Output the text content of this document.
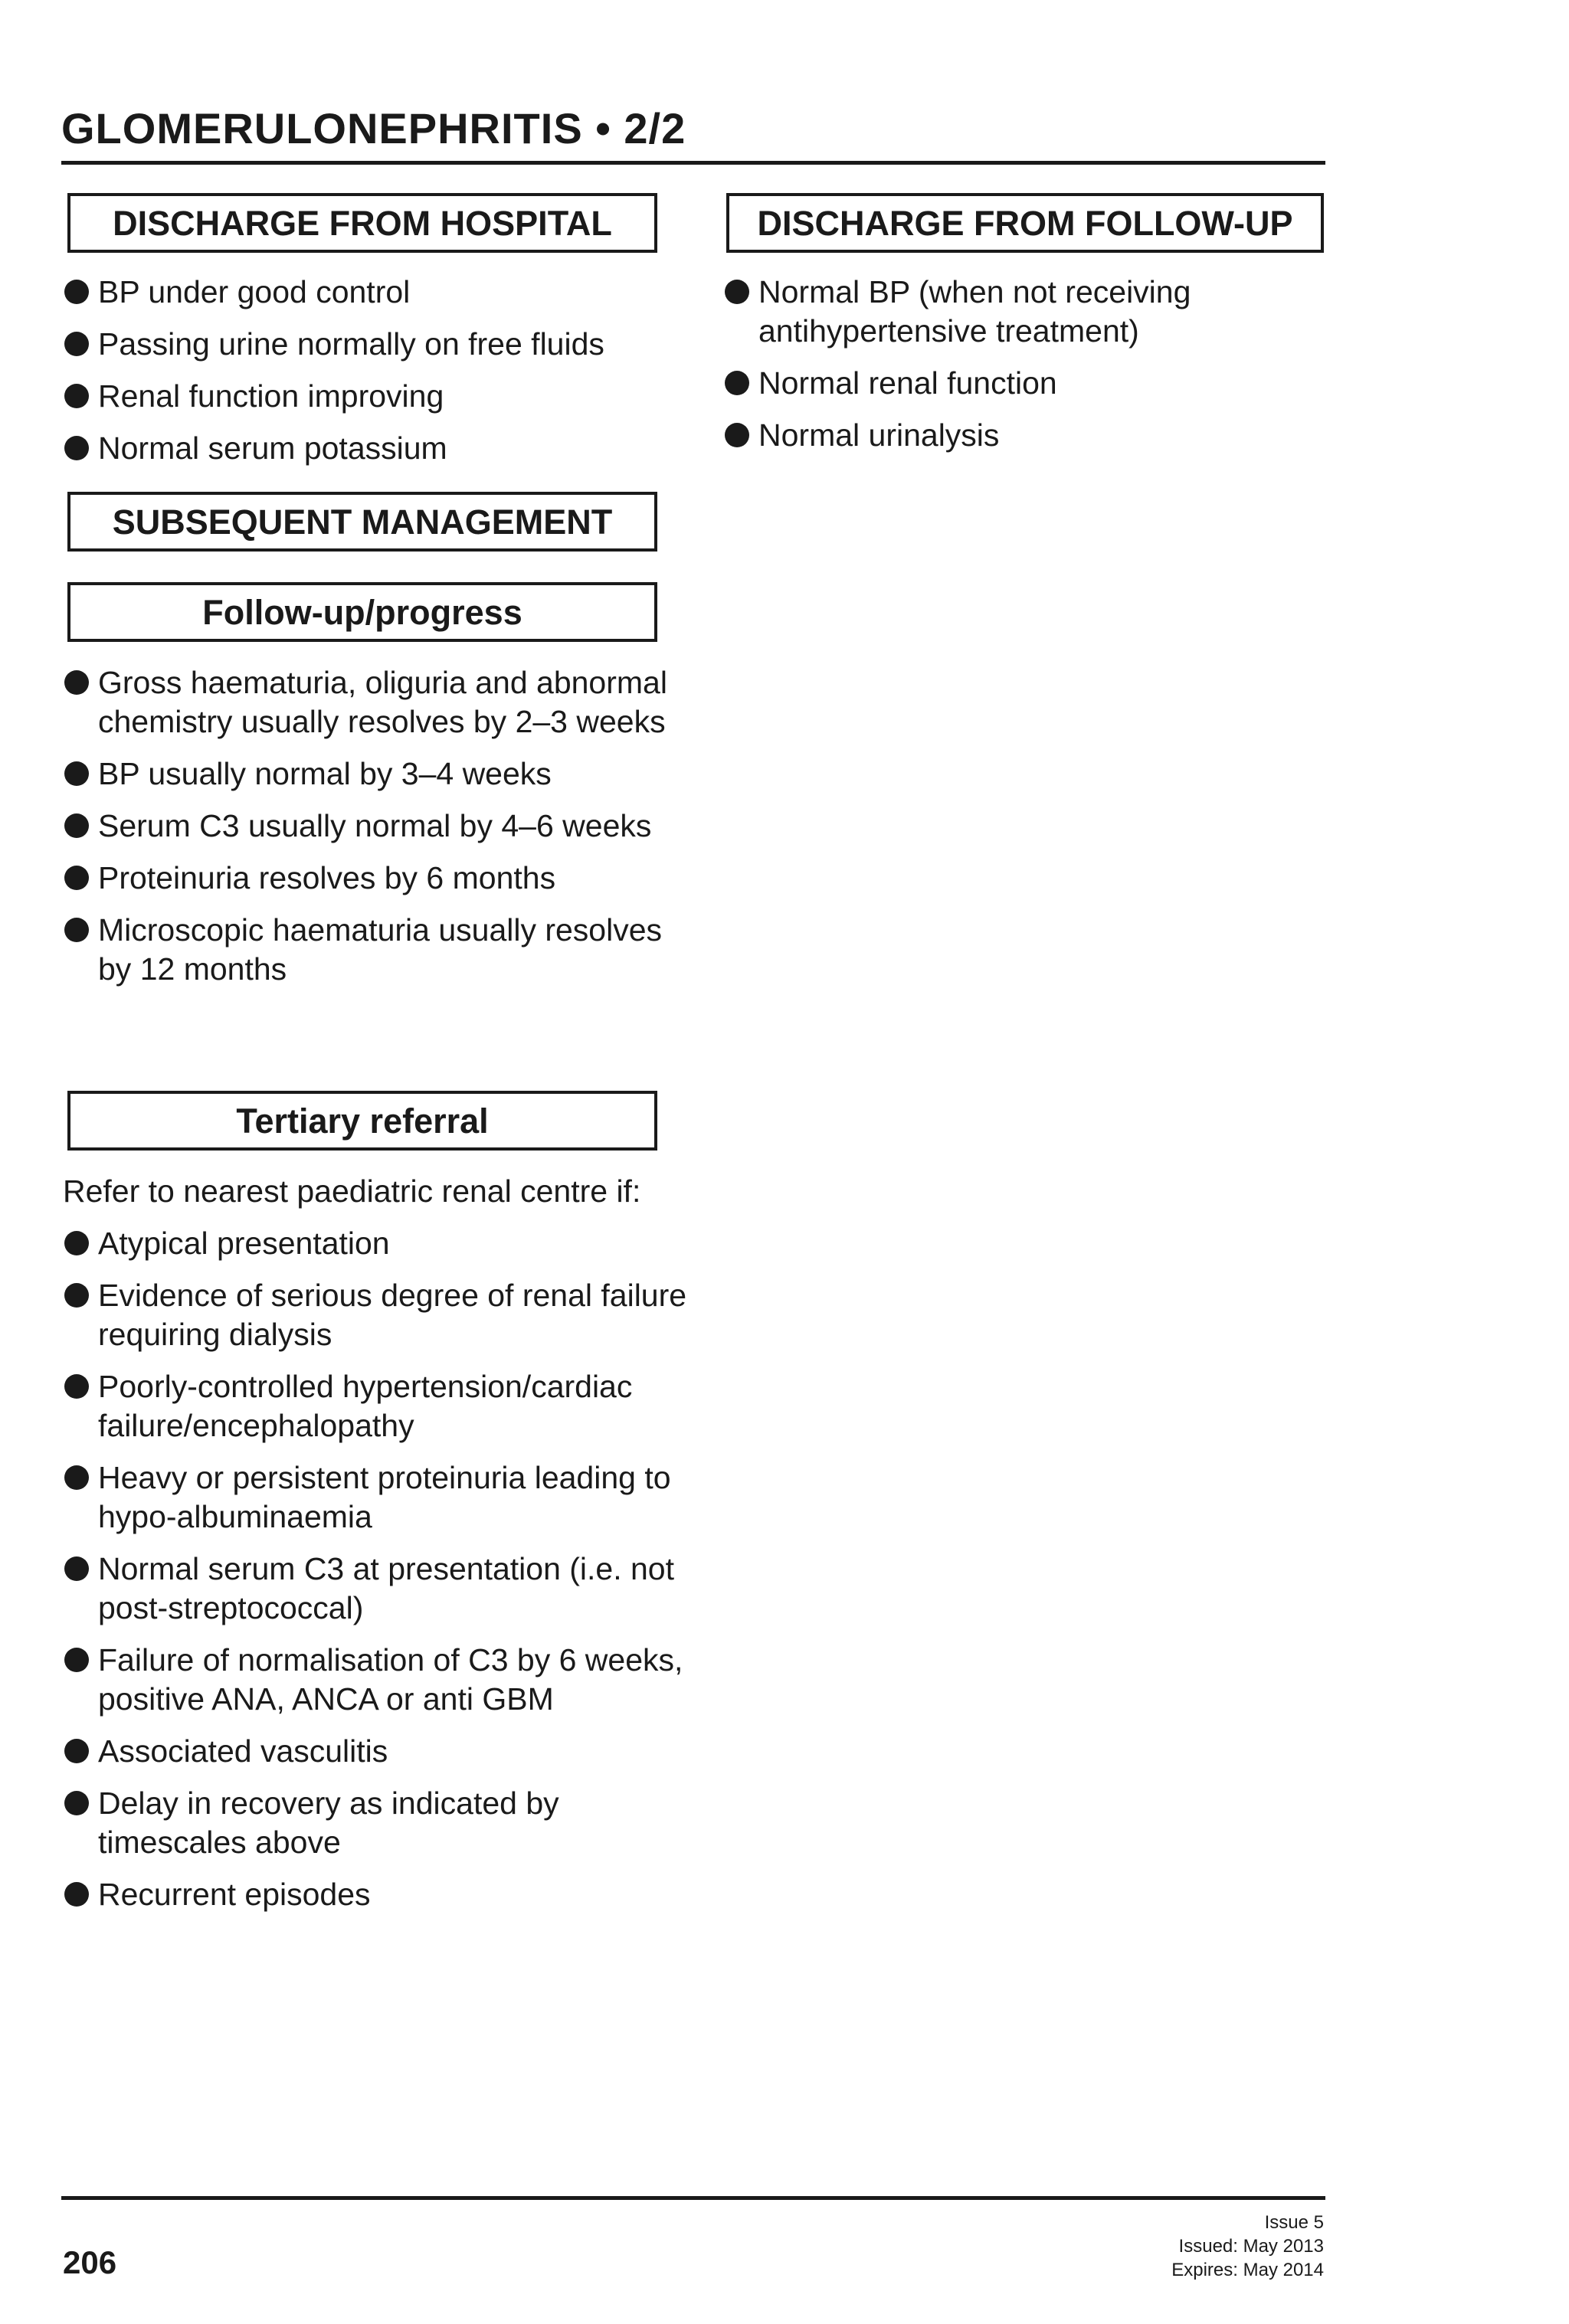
GLOMERULONEPHRITIS • 2/2
DISCHARGE FROM HOSPITAL
BP under good control
Passing urine normally on free fluids
Renal function improving
Normal serum potassium
DISCHARGE FROM FOLLOW-UP
Normal BP (when not receiving antihypertensive treatment)
Normal renal function
Normal urinalysis
SUBSEQUENT MANAGEMENT
Follow-up/progress
Gross haematuria, oliguria and abnormal chemistry usually resolves by 2–3 weeks
BP usually normal by 3–4 weeks
Serum C3 usually normal by 4–6 weeks
Proteinuria resolves by 6 months
Microscopic haematuria usually resolves by 12 months
Tertiary referral
Refer to nearest paediatric renal centre if:
Atypical presentation
Evidence of serious degree of renal failure requiring dialysis
Poorly-controlled hypertension/cardiac failure/encephalopathy
Heavy or persistent proteinuria leading to hypo-albuminaemia
Normal serum C3 at presentation (i.e. not post-streptococcal)
Failure of normalisation of C3 by 6 weeks, positive ANA, ANCA or anti GBM
Associated vasculitis
Delay in recovery as indicated by timescales above
Recurrent episodes
206
Issue 5
Issued: May 2013
Expires: May 2014
